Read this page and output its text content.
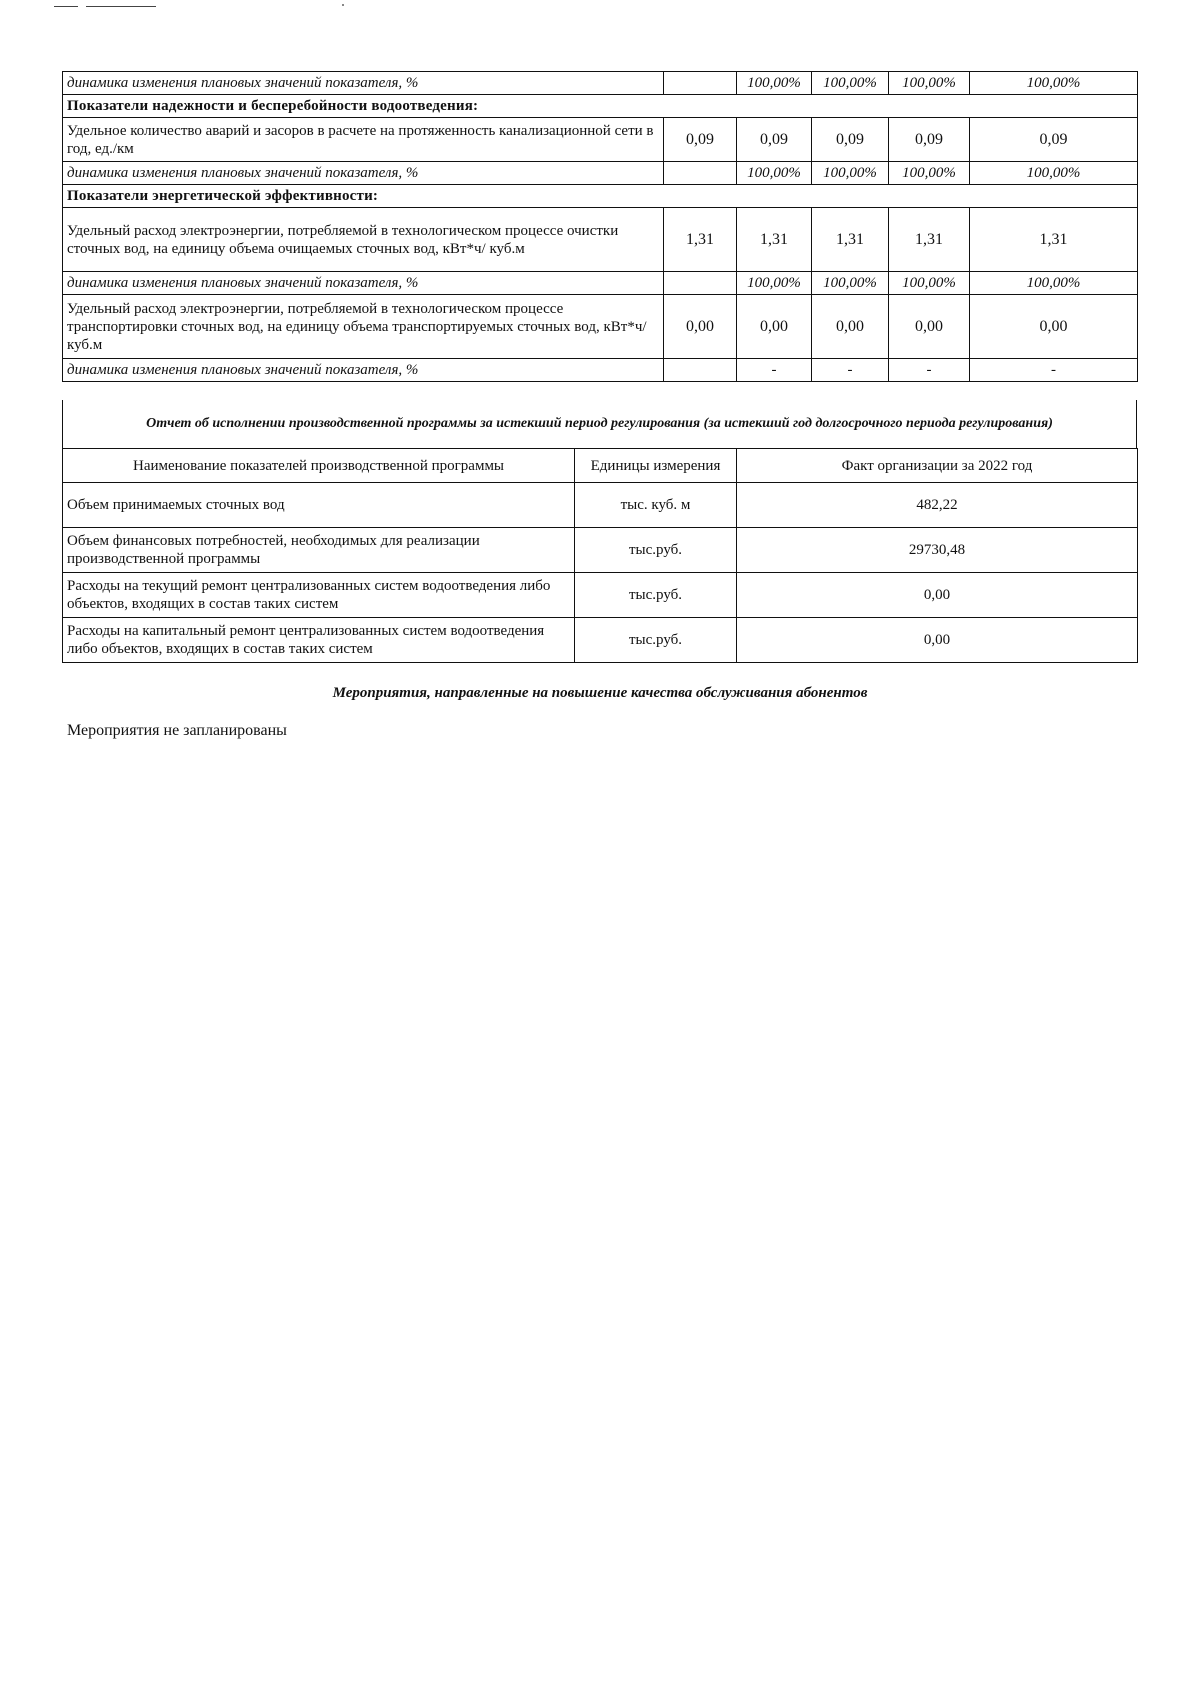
динамика изменения плановых значений показателя, %		100,00%	100,00%	100,00%	100,00%
Показатели надежности и бесперебойности водоотведения:					
Удельное количество аварий и засоров в расчете на протяженность канализационной сети в год, ед./км	0,09	0,09	0,09	0,09	0,09
динамика изменения плановых значений показателя, %		100,00%	100,00%	100,00%	100,00%
Показатели энергетической эффективности:					
Удельный расход электроэнергии, потребляемой в технологическом процессе очистки сточных вод, на единицу объема очищаемых сточных вод, кВт*ч/ куб.м	1,31	1,31	1,31	1,31	1,31
динамика изменения плановых значений показателя, %		100,00%	100,00%	100,00%	100,00%
Удельный расход электроэнергии, потребляемой в технологическом процессе транспортировки сточных вод, на единицу объема транспортируемых сточных вод, кВт*ч/ куб.м	0,00	0,00	0,00	0,00	0,00
динамика изменения плановых значений показателя, %		-	-	-	-
Отчет об исполнении производственной программы за истекший период регулирования (за истекший год долгосрочного периода регулирования)
Наименование показателей производственной программы	Единицы измерения	Факт организации за 2022 год
Объем принимаемых сточных вод	тыс. куб. м	482,22
Объем финансовых потребностей, необходимых для реализации производственной программы	тыс.руб.	29730,48
Расходы на текущий ремонт централизованных систем водоотведения либо объектов, входящих в состав таких систем	тыс.руб.	0,00
Расходы на капитальный ремонт централизованных систем водоотведения либо объектов, входящих в состав таких систем	тыс.руб.	0,00
Мероприятия, направленные на повышение качества обслуживания абонентов
Мероприятия не запланированы
